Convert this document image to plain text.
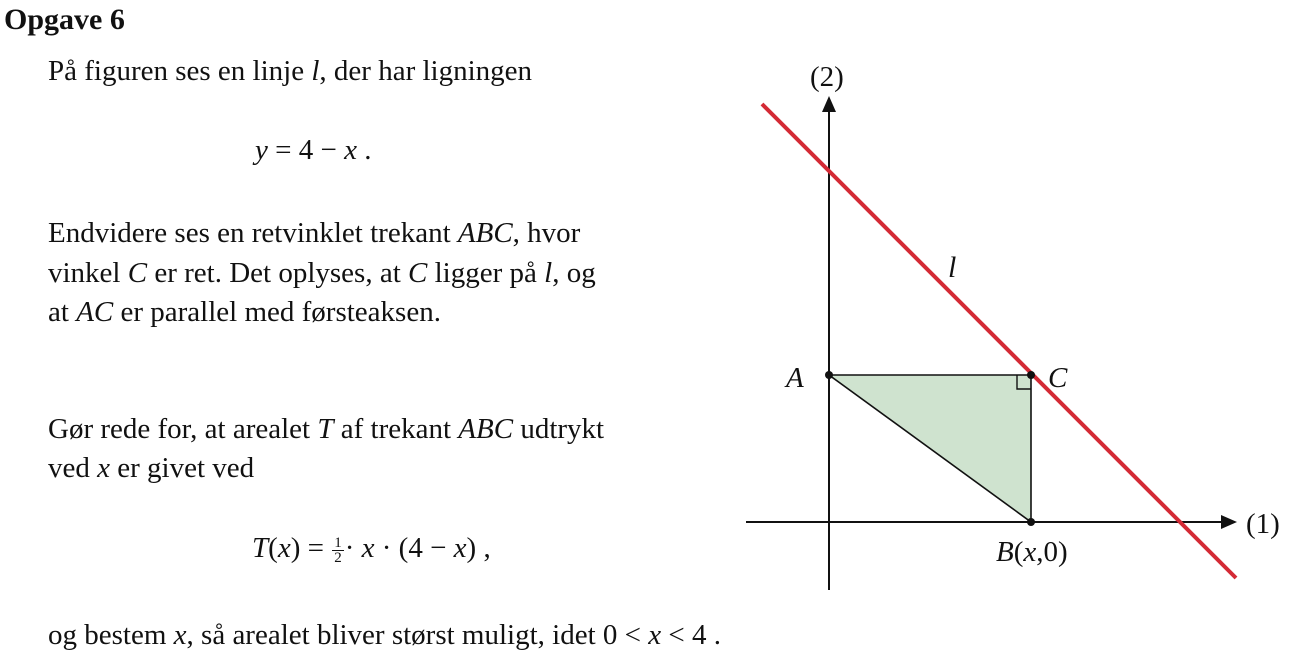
Opgave 6
På figuren ses en linje l, der har ligningen
y = 4 − x .
Endvidere ses en retvinklet trekant ABC, hvor
vinkel C er ret. Det oplyses, at C ligger på l, og
at AC er parallel med førsteaksen.
Gør rede for, at arealet T af trekant ABC udtrykt
ved x er givet ved
$T(x) = \frac{1}{2} \cdot x \cdot (4 - x)$ ,
og bestem x, så arealet bliver størst muligt, idet 0 < x < 4 .
(2)
(1)
l
A	C
B(x,0)
